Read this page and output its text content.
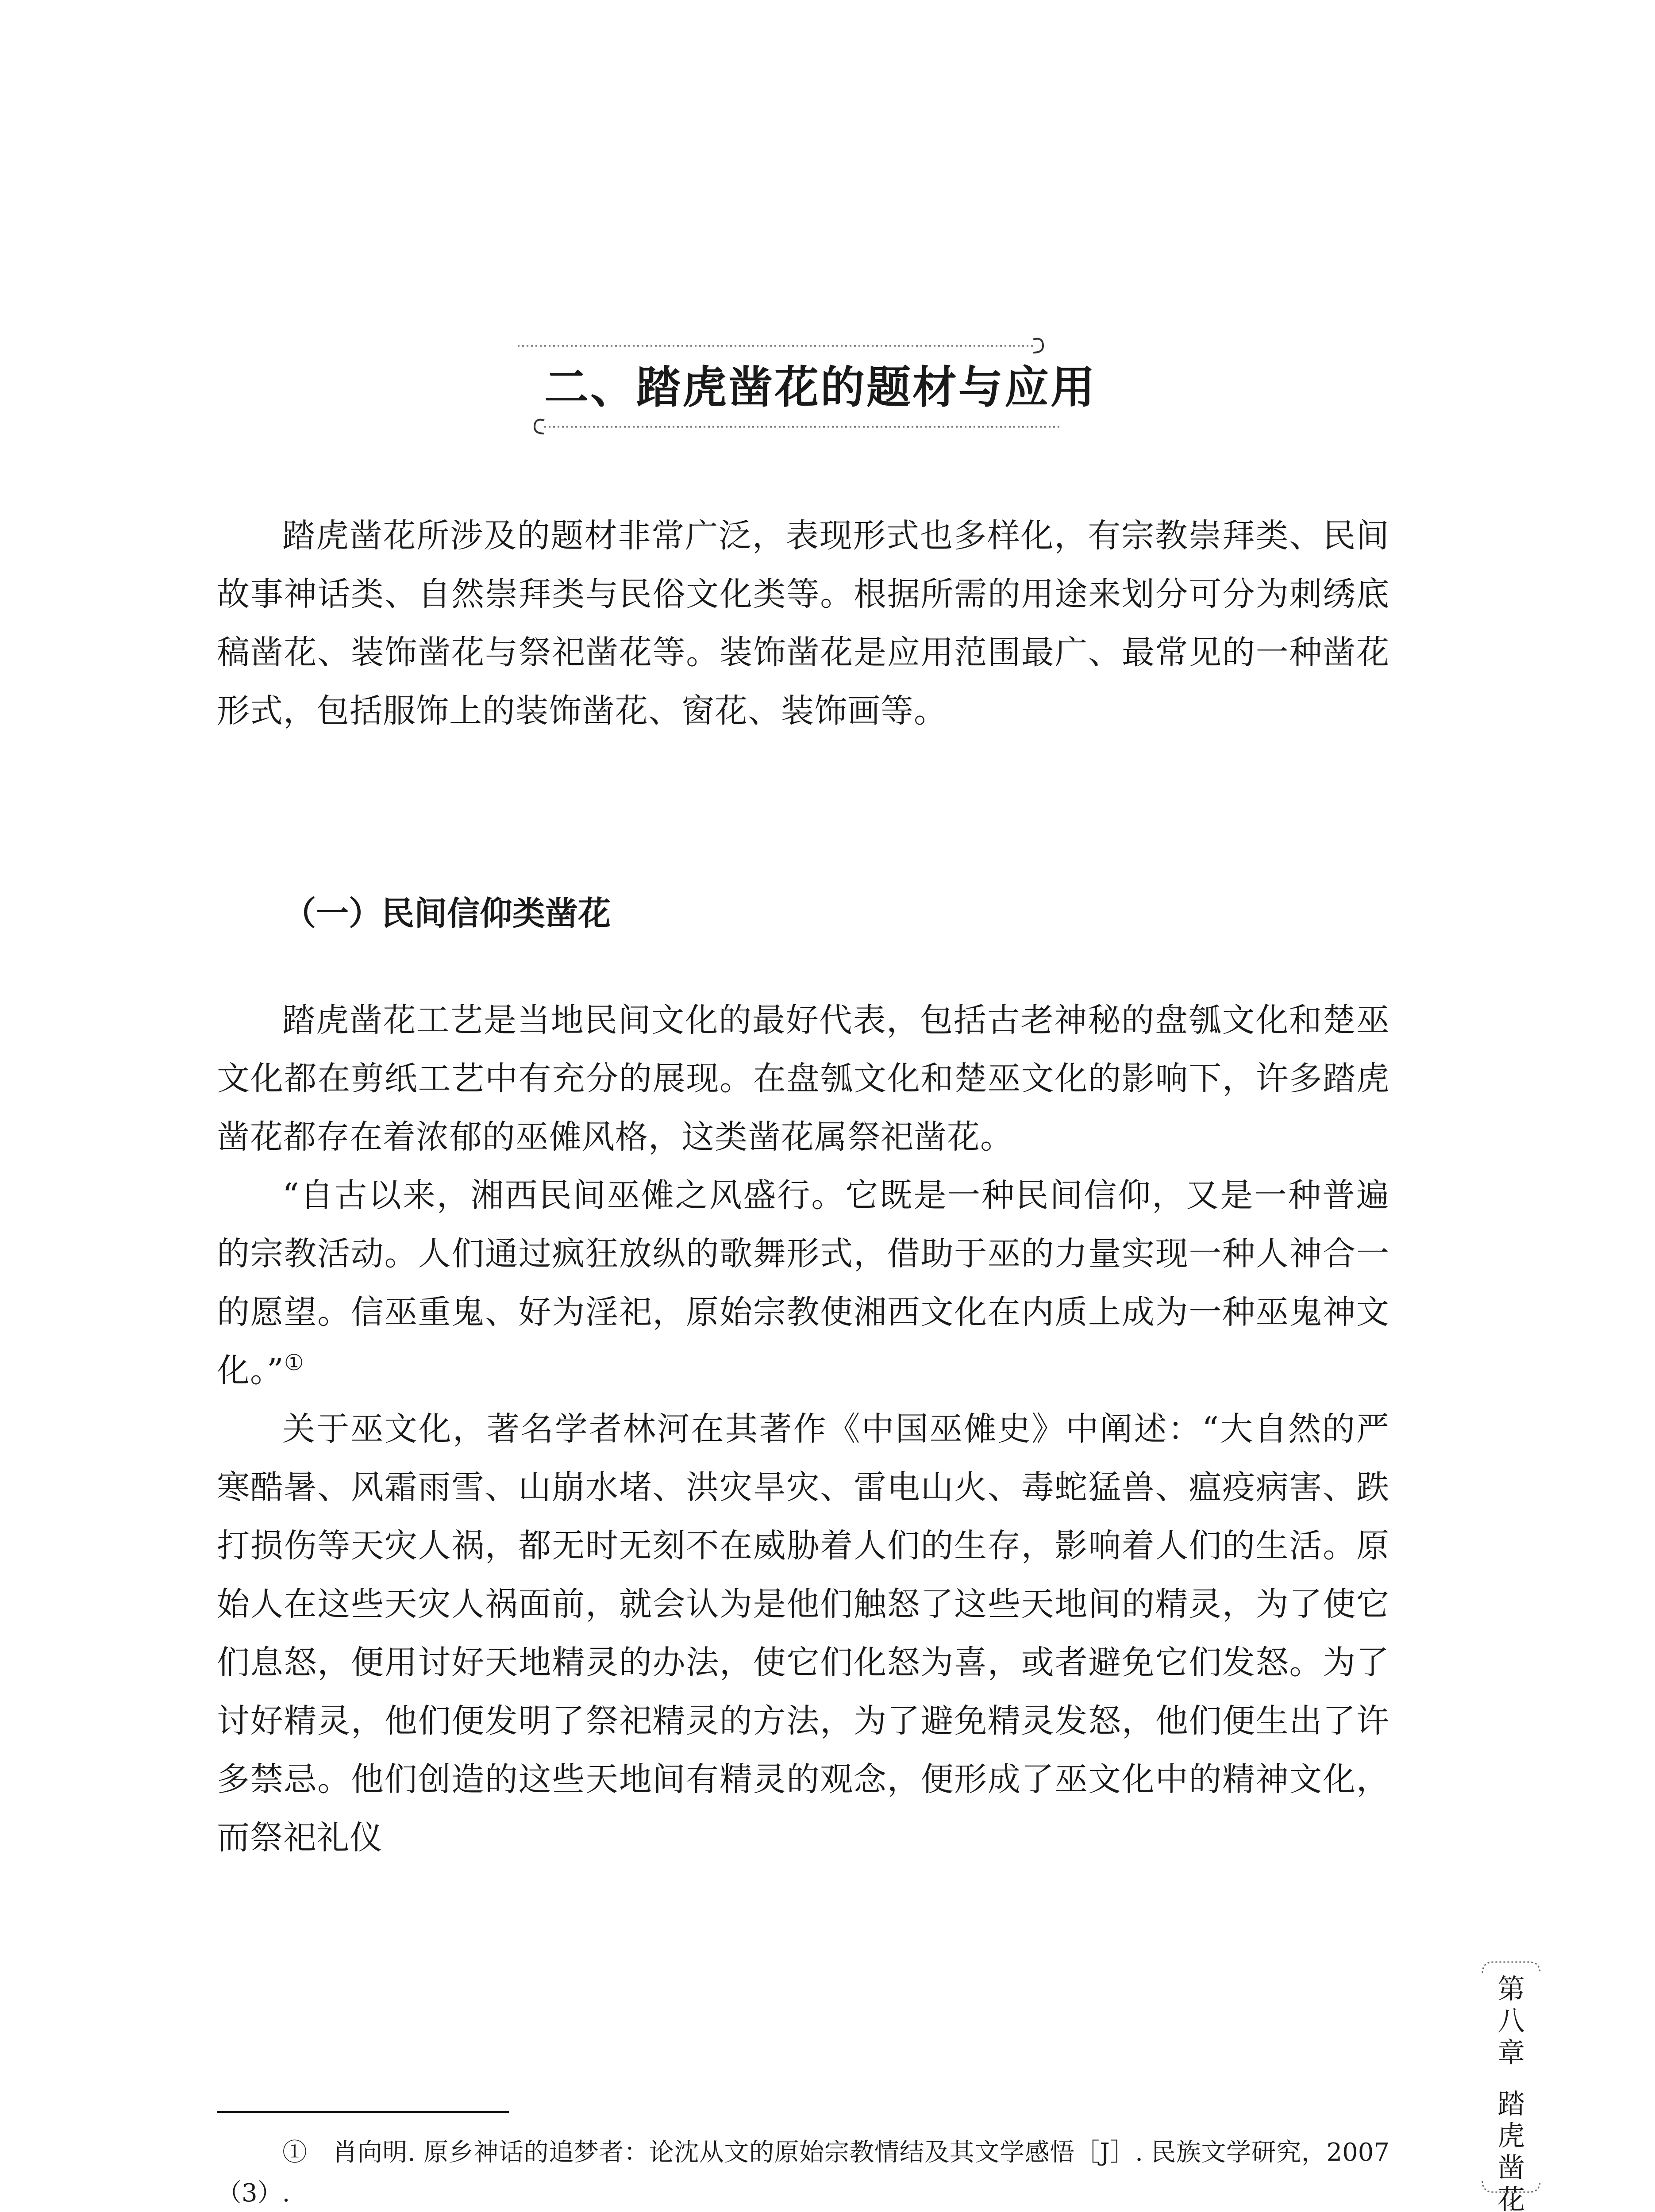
二、踏虎凿花的题材与应用

踏虎凿花所涉及的题材非常广泛，表现形式也多样化，有宗教崇拜类、民间故事神话类、自然崇拜类与民俗文化类等。根据所需的用途来划分可分为刺绣底稿凿花、装饰凿花与祭祀凿花等。装饰凿花是应用范围最广、最常见的一种凿花形式，包括服饰上的装饰凿花、窗花、装饰画等。

（一）民间信仰类凿花

踏虎凿花工艺是当地民间文化的最好代表，包括古老神秘的盘瓠文化和楚巫文化都在剪纸工艺中有充分的展现。在盘瓠文化和楚巫文化的影响下，许多踏虎凿花都存在着浓郁的巫傩风格，这类凿花属祭祀凿花。

“自古以来，湘西民间巫傩之风盛行。它既是一种民间信仰，又是一种普遍的宗教活动。人们通过疯狂放纵的歌舞形式，借助于巫的力量实现一种人神合一的愿望。信巫重鬼、好为淫祀，原始宗教使湘西文化在内质上成为一种巫鬼神文化。”①

关于巫文化，著名学者林河在其著作《中国巫傩史》中阐述：“大自然的严寒酷暑、风霜雨雪、山崩水堵、洪灾旱灾、雷电山火、毒蛇猛兽、瘟疫病害、跌打损伤等天灾人祸，都无时无刻不在威胁着人们的生存，影响着人们的生活。原始人在这些天灾人祸面前，就会认为是他们触怒了这些天地间的精灵，为了使它们息怒，便用讨好天地精灵的办法，使它们化怒为喜，或者避免它们发怒。为了讨好精灵，他们便发明了祭祀精灵的方法，为了避免精灵发怒，他们便生出了许多禁忌。他们创造的这些天地间有精灵的观念，便形成了巫文化中的精神文化，而祭祀礼仪

①　肖向明. 原乡神话的追梦者：论沈从文的原始宗教情结及其文学感悟［J］. 民族文学研究，2007（3）.

第八章
踏虎凿花
